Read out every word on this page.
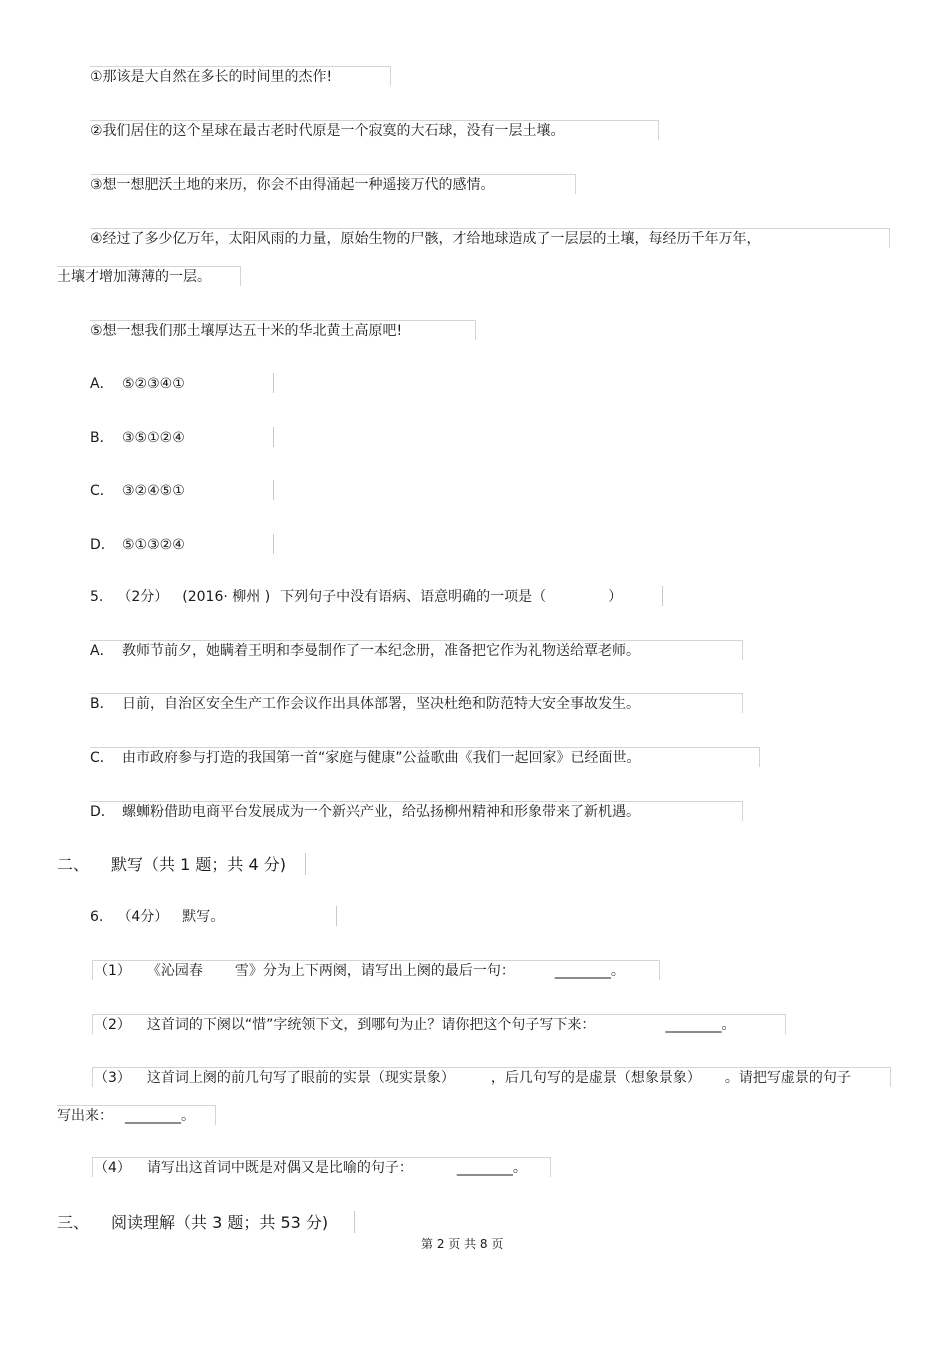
①那该是大自然在多长的时间里的杰作!
②我们居住的这个星球在最古老时代原是一个寂寞的大石球，没有一层土壤。
③想一想肥沃土地的来历，你会不由得涌起一种遥接万代的感情。
④经过了多少亿万年，太阳风雨的力量，原始生物的尸骸，才给地球造成了一层层的土壤，每经历千年万年，
土壤才增加薄薄的一层。
⑤想一想我们那土壤厚达五十米的华北黄土高原吧!
A． ⑤②③④①
B． ③⑤①②④
C． ③②④⑤①
D． ⑤①③②④
5. （2分） (2016· 柳州 ) 下列句子中没有语病、语意明确的一项是（	）
A． 教师节前夕，她瞒着王明和李曼制作了一本纪念册，准备把它作为礼物送给覃老师。
B． 日前，自治区安全生产工作会议作出具体部署，坚决杜绝和防范特大安全事故发生。
C． 由市政府参与打造的我国第一首“家庭与健康”公益歌曲《我们一起回家》已经面世。
D． 螺蛳粉借助电商平台发展成为一个新兴产业，给弘扬柳州精神和形象带来了新机遇。
二、 默写（共 1 题；共 4 分)
6. （4分） 默写。
（1） 《沁园春 雪》分为上下两阕，请写出上阕的最后一句：	________。
（2） 这首词的下阕以“惜”字统领下文，到哪句为止？请你把这个句子写下来：	________。
（3） 这首词上阕的前几句写了眼前的实景（现实景象）	，后几句写的是虚景（想象景象） 。请把写虚景的句子
写出来： ________。
（4） 请写出这首词中既是对偶又是比喻的句子：	________。
三、 阅读理解（共 3 题；共 53 分)
第 2 页 共 8 页
